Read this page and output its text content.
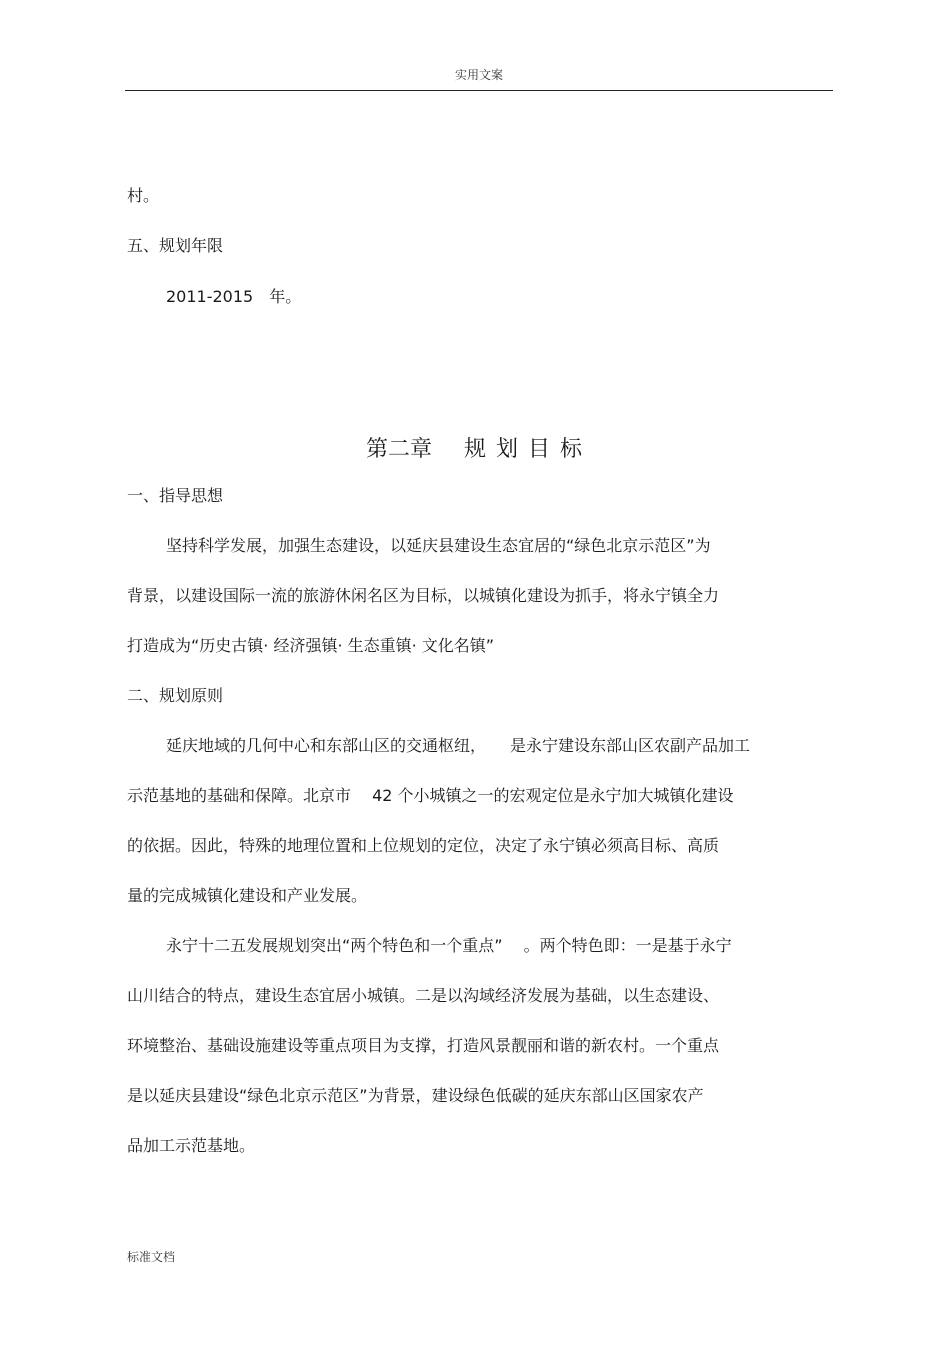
实用文案
村。
五、规划年限
2011-2015　年。
第二章 规划目标
一、指导思想
坚持科学发展，加强生态建设，以延庆县建设生态宜居的“绿色北京示范区”为
背景，以建设国际一流的旅游休闲名区为目标，以城镇化建设为抓手，将永宁镇全力
打造成为“历史古镇· 经济强镇· 生态重镇· 文化名镇”
二、规划原则
延庆地域的几何中心和东部山区的交通枢纽，　　是永宁建设东部山区农副产品加工
示范基地的基础和保障。北京市　 42 个小城镇之一的宏观定位是永宁加大城镇化建设
的依据。因此，特殊的地理位置和上位规划的定位，决定了永宁镇必须高目标、高质
量的完成城镇化建设和产业发展。
永宁十二五发展规划突出“两个特色和一个重点”　 。两个特色即：一是基于永宁
山川结合的特点，建设生态宜居小城镇。二是以沟域经济发展为基础，以生态建设、
环境整治、基础设施建设等重点项目为支撑，打造风景靓丽和谐的新农村。一个重点
是以延庆县建设“绿色北京示范区”为背景，建设绿色低碳的延庆东部山区国家农产
品加工示范基地。
标准文档
